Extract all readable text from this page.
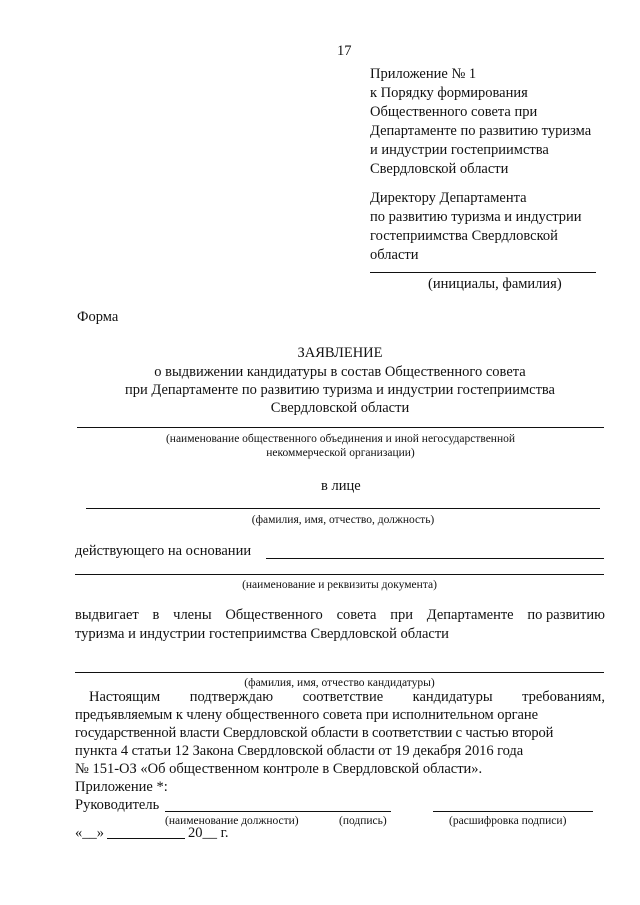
17
Приложение № 1
к Порядку формирования
Общественного совета при
Департаменте по развитию туризма
и индустрии гостеприимства
Свердловской области
Директору Департамента
по развитию туризма и индустрии
гостеприимства Свердловской
области
(инициалы, фамилия)
Форма
ЗАЯВЛЕНИЕ
о выдвижении кандидатуры в состав Общественного совета
при Департаменте по развитию туризма и индустрии гостеприимства
Свердловской области
(наименование общественного объединения и иной негосударственной
некоммерческой организации)
в лице
(фамилия, имя, отчество, должность)
действующего на основании
(наименование и реквизиты документа)
выдвигает в члены Общественного совета при Департаменте по развитию
туризма и индустрии гостеприимства Свердловской области
(фамилия, имя, отчество кандидатуры)
Настоящим подтверждаю соответствие кандидатуры требованиям,
предъявляемым к члену общественного совета при исполнительном органе
государственной власти Свердловской области в соответствии с частью второй
пункта 4 статьи 12 Закона Свердловской области от 19 декабря 2016 года
№ 151-ОЗ «Об общественном контроле в Свердловской области».
Приложение *:
Руководитель
(наименование должности)	(подпись)	(расшифровка подписи)
«__»	20__ г.
